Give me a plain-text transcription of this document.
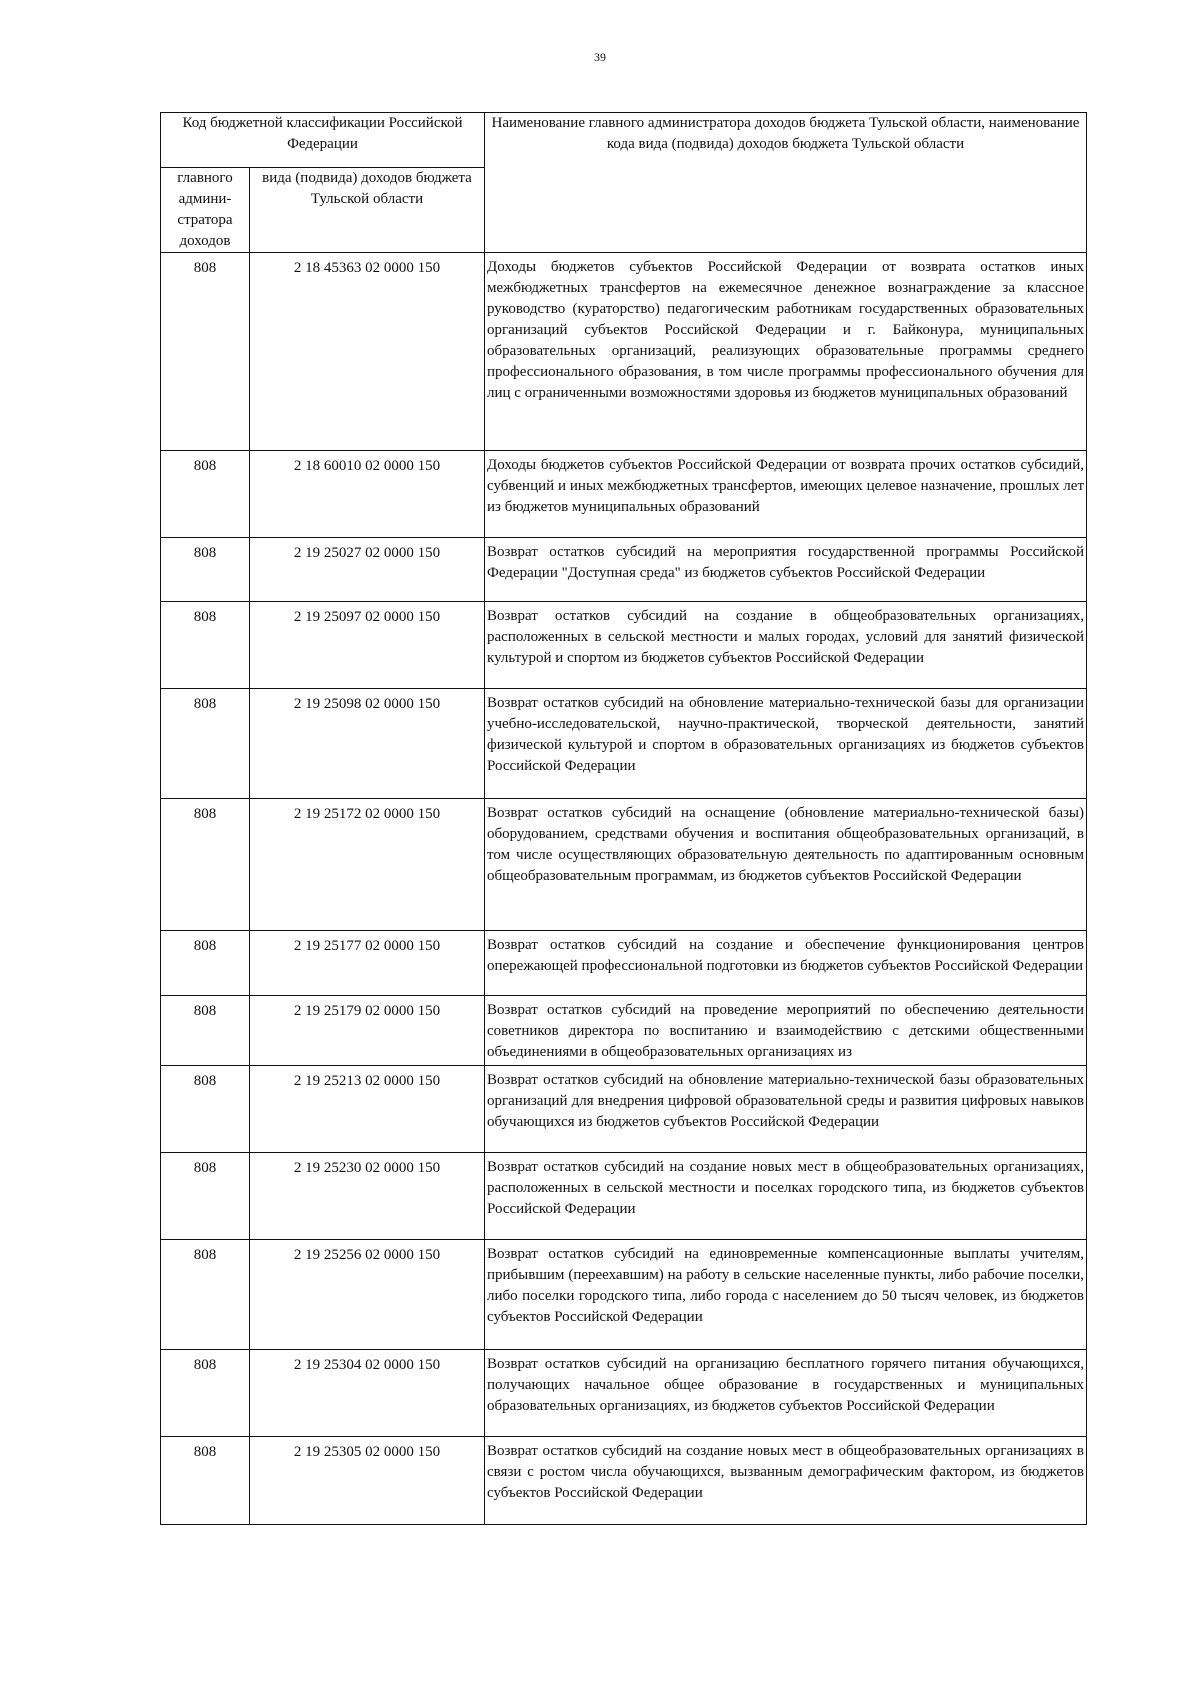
39
Код бюджетной классификации Российской Федерации		Наименование главного администратора доходов бюджета Тульской области, наименование кода вида (подвида) доходов бюджета Тульской области
главного админи-стратора доходов	вида (подвида) доходов бюджета Тульской области	
808	2 18 45363 02 0000 150	Доходы бюджетов субъектов Российской Федерации от возврата остатков иных межбюджетных трансфертов на ежемесячное денежное вознаграждение за классное руководство (кураторство) педагогическим работникам государственных образовательных организаций субъектов Российской Федерации и г. Байконура, муниципальных образовательных организаций, реализующих образовательные программы среднего профессионального образования, в том числе программы профессионального обучения для лиц с ограниченными возможностями здоровья из бюджетов муниципальных образований
808	2 18 60010 02 0000 150	Доходы бюджетов субъектов Российской Федерации от возврата прочих остатков субсидий, субвенций и иных межбюджетных трансфертов, имеющих целевое назначение, прошлых лет из бюджетов муниципальных образований
808	2 19 25027 02 0000 150	Возврат остатков субсидий на мероприятия государственной программы Российской Федерации "Доступная среда" из бюджетов субъектов Российской Федерации
808	2 19 25097 02 0000 150	Возврат остатков субсидий на создание в общеобразовательных организациях, расположенных в сельской местности и малых городах, условий для занятий физической культурой и спортом из бюджетов субъектов Российской Федерации
808	2 19 25098 02 0000 150	Возврат остатков субсидий на обновление материально-технической базы для организации учебно-исследовательской, научно-практической, творческой деятельности, занятий физической культурой и спортом в образовательных организациях из бюджетов субъектов Российской Федерации
808	2 19 25172 02 0000 150	Возврат остатков субсидий на оснащение (обновление материально-технической базы) оборудованием, средствами обучения и воспитания общеобразовательных организаций, в том числе осуществляющих образовательную деятельность по адаптированным основным общеобразовательным программам, из бюджетов субъектов Российской Федерации
808	2 19 25177 02 0000 150	Возврат остатков субсидий на создание и обеспечение функционирования центров опережающей профессиональной подготовки из бюджетов субъектов Российской Федерации
808	2 19 25179 02 0000 150	Возврат остатков субсидий на проведение мероприятий по обеспечению деятельности советников директора по воспитанию и взаимодействию с детскими общественными объединениями в общеобразовательных организациях из

808	2 19 25213 02 0000 150	Возврат остатков субсидий на обновление материально-технической базы образовательных организаций для внедрения цифровой образовательной среды и развития цифровых навыков обучающихся из бюджетов субъектов Российской Федерации
808	2 19 25230 02 0000 150	Возврат остатков субсидий на создание новых мест в общеобразовательных организациях, расположенных в сельской местности и поселках городского типа, из бюджетов субъектов Российской Федерации
808	2 19 25256 02 0000 150	Возврат остатков субсидий на единовременные компенсационные выплаты учителям, прибывшим (переехавшим) на работу в сельские населенные пункты, либо рабочие поселки, либо поселки городского типа, либо города с населением до 50 тысяч человек, из бюджетов субъектов Российской Федерации
808	2 19 25304 02 0000 150	Возврат остатков субсидий на организацию бесплатного горячего питания обучающихся, получающих начальное общее образование в государственных и муниципальных образовательных организациях, из бюджетов субъектов Российской Федерации
808	2 19 25305 02 0000 150	Возврат остатков субсидий на создание новых мест в общеобразовательных организациях в связи с ростом числа обучающихся, вызванным демографическим фактором, из бюджетов субъектов Российской Федерации
